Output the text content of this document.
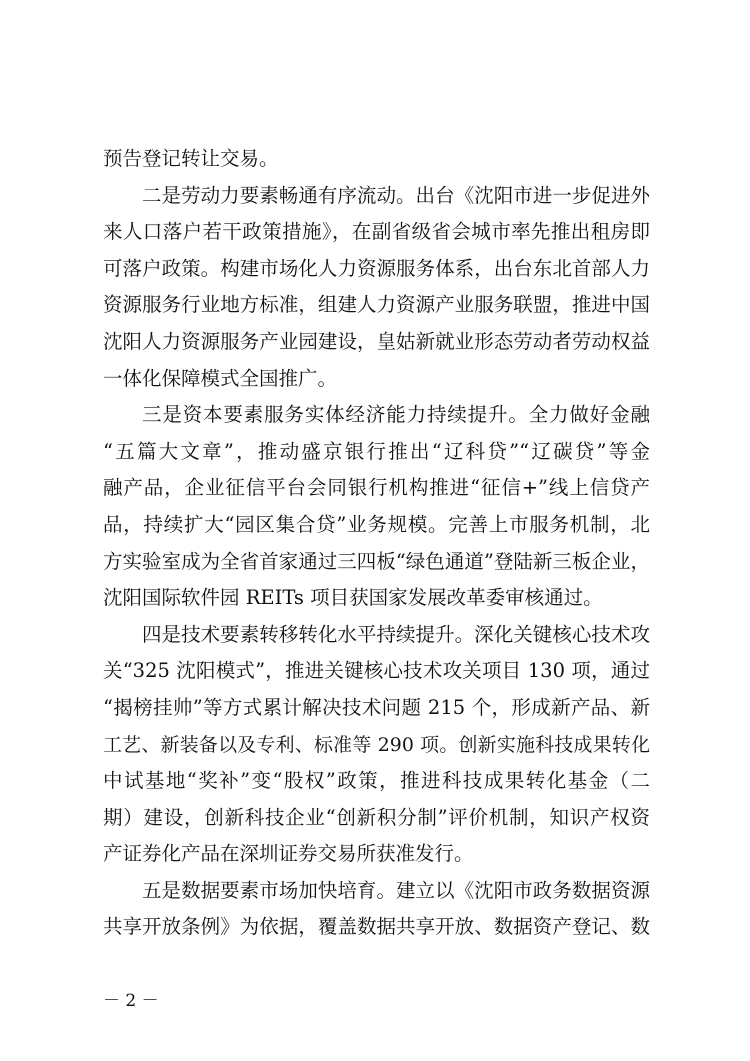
预告登记转让交易。
二是劳动力要素畅通有序流动。出台《沈阳市进一步促进外
来人口落户若干政策措施》，在副省级省会城市率先推出租房即
可落户政策。构建市场化人力资源服务体系，出台东北首部人力
资源服务行业地方标准，组建人力资源产业服务联盟，推进中国
沈阳人力资源服务产业园建设，皇姑新就业形态劳动者劳动权益
一体化保障模式全国推广。
三是资本要素服务实体经济能力持续提升。全力做好金融
“五篇大文章”，推动盛京银行推出“辽科贷”“辽碳贷”等金
融产品，企业征信平台会同银行机构推进“征信+”线上信贷产
品，持续扩大“园区集合贷”业务规模。完善上市服务机制，北
方实验室成为全省首家通过三四板“绿色通道”登陆新三板企业，
沈阳国际软件园 REITs 项目获国家发展改革委审核通过。
四是技术要素转移转化水平持续提升。深化关键核心技术攻
关“325 沈阳模式”，推进关键核心技术攻关项目 130 项，通过
“揭榜挂帅”等方式累计解决技术问题 215 个，形成新产品、新
工艺、新装备以及专利、标准等 290 项。创新实施科技成果转化
中试基地“奖补”变“股权”政策，推进科技成果转化基金（二
期）建设，创新科技企业“创新积分制”评价机制，知识产权资
产证券化产品在深圳证券交易所获准发行。
五是数据要素市场加快培育。建立以《沈阳市政务数据资源
共享开放条例》为依据，覆盖数据共享开放、数据资产登记、数
－ 2 －
